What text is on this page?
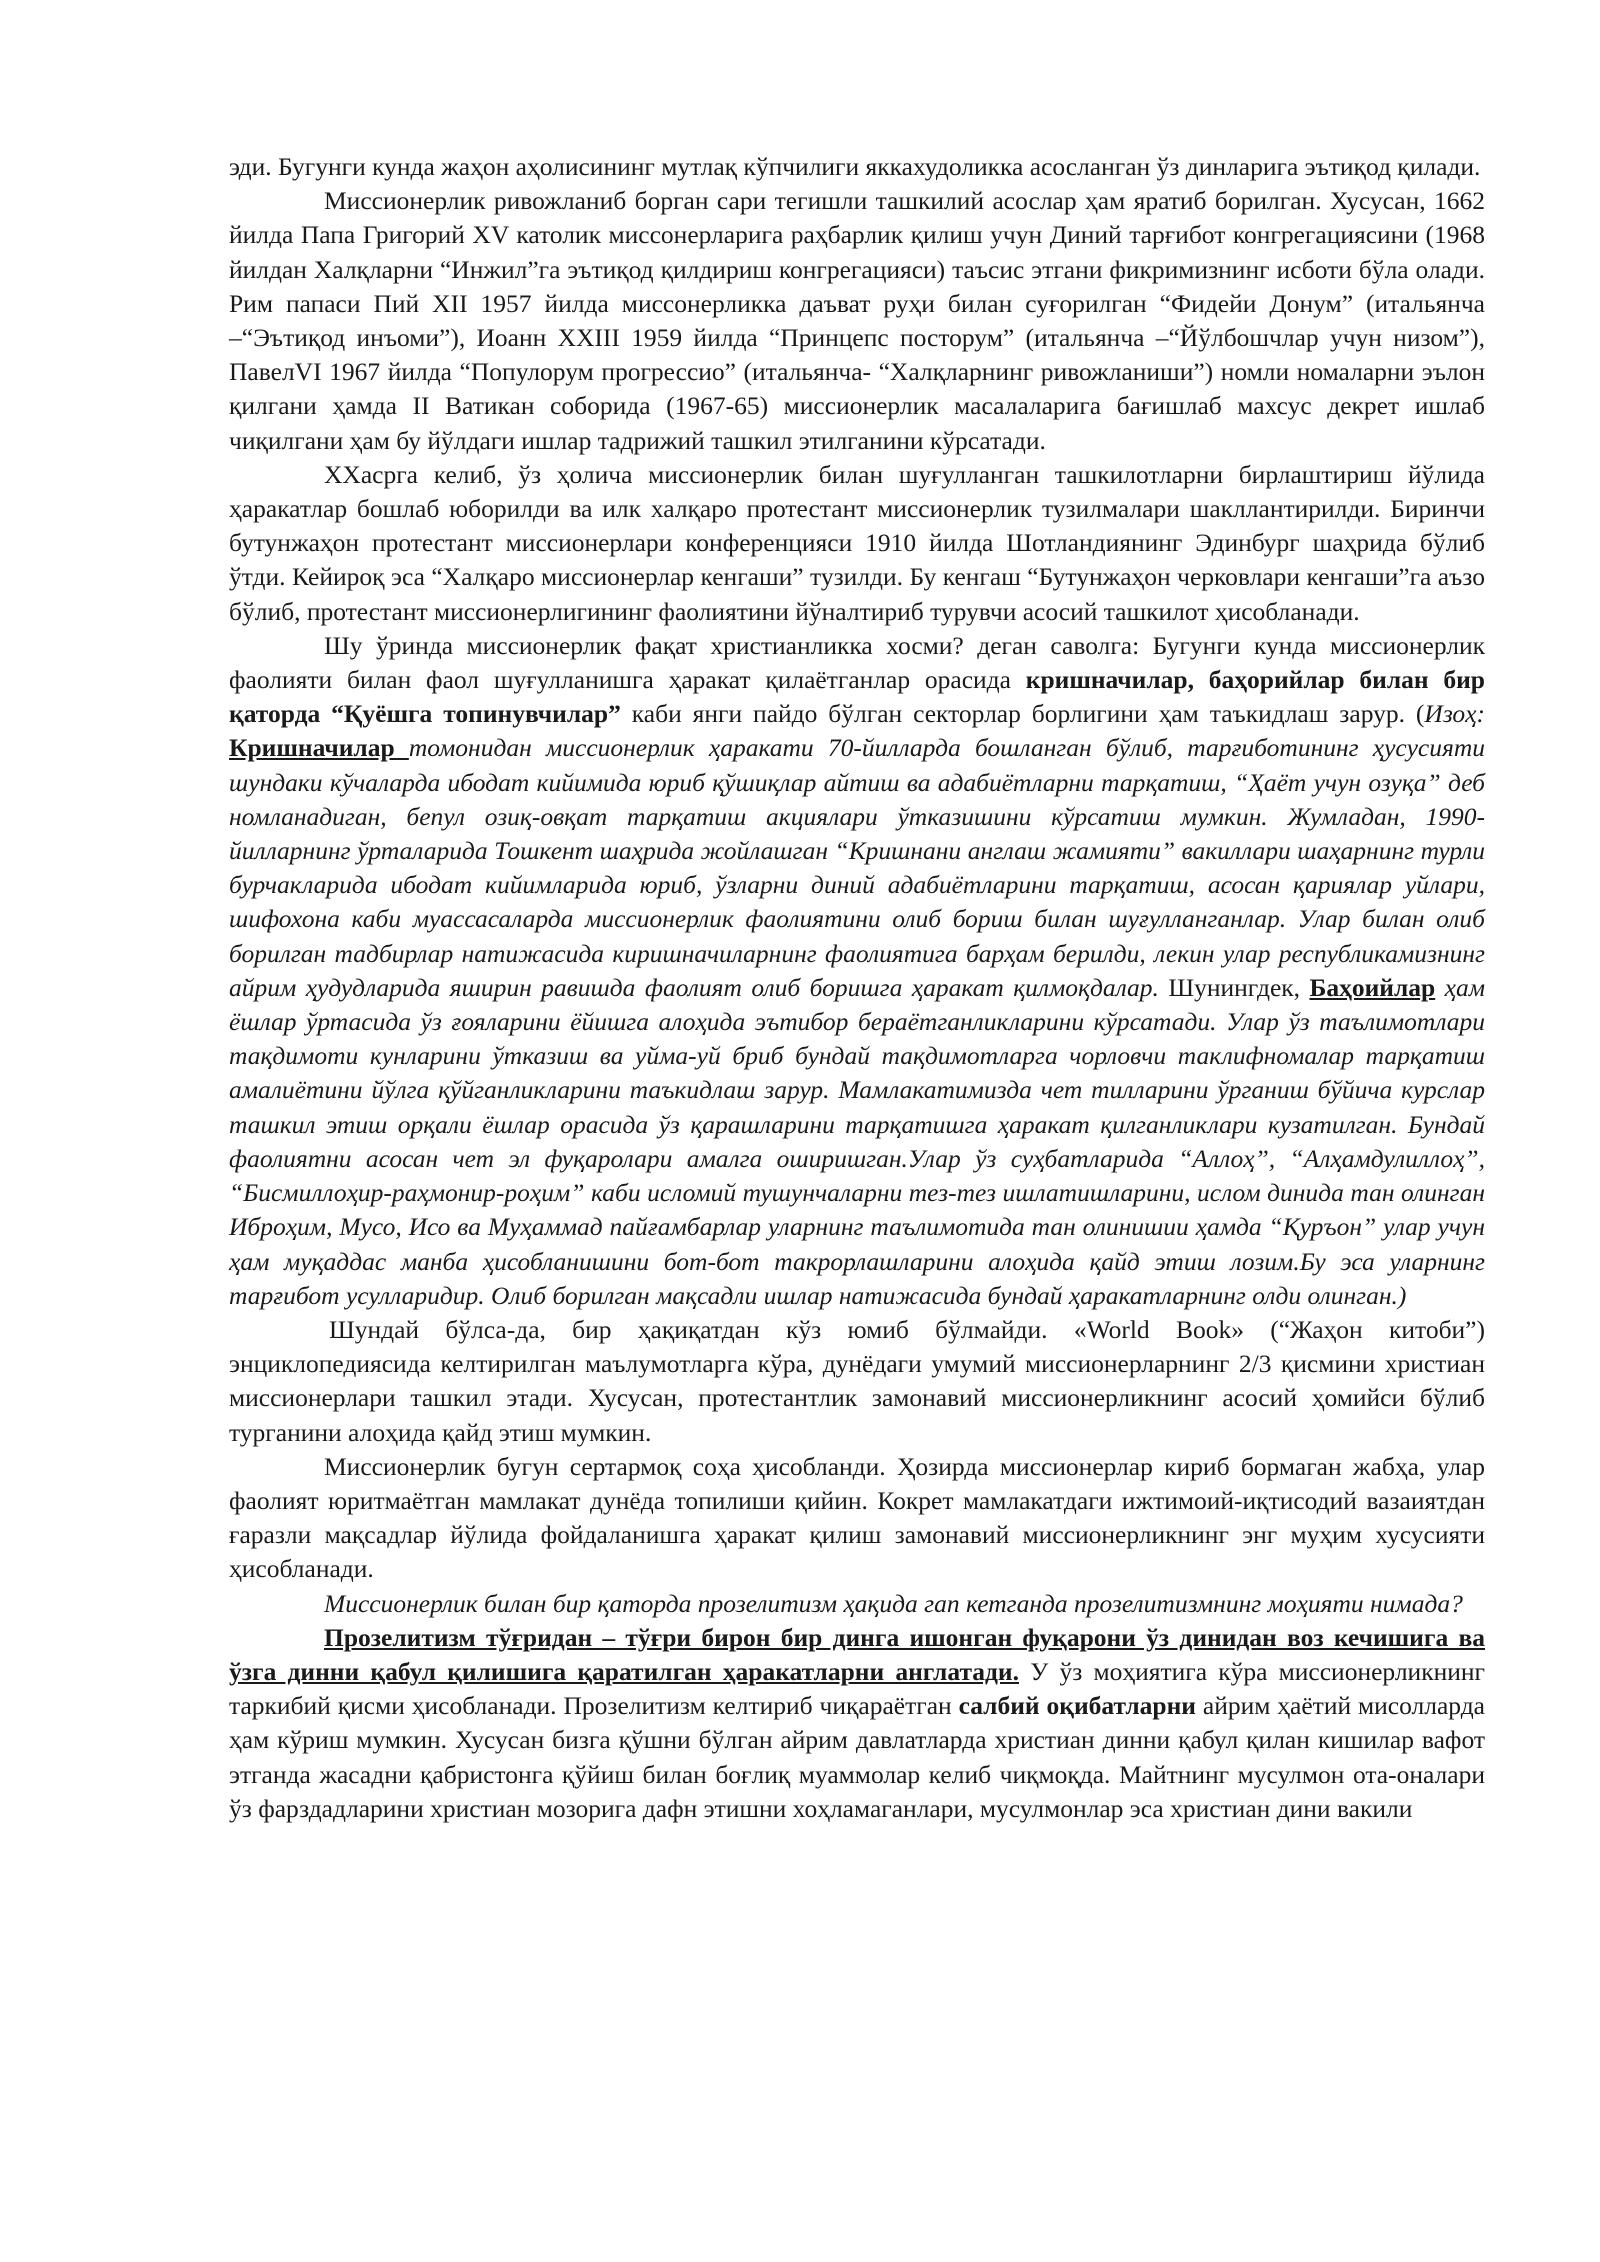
эди. Бугунги кунда жаҳон аҳолисининг мутлақ кўпчилиги яккахудоликка асосланган ўз динларига эътиқод қилади.

Миссионерлик ривожланиб борган сари тегишли ташкилий асослар ҳам яратиб борилган. Хусусан, 1662 йилда Папа Григорий XV католик миссонерларига раҳбарлик қилиш учун Диний тарғибот конгрегациясини (1968 йилдан Халқларни “Инжил”га эътиқод қилдириш конгрегацияси) таъсис этгани фикримизнинг исботи бўла олади. Рим папаси Пий XII 1957 йилда миссонерликка даъват руҳи билан суғорилган “Фидейи Донум” (итальянча –“Эътиқод инъоми”), Иоанн XXIII 1959 йилда “Принцепс посторум” (итальянча –“Йўлбошчлар учун низом”), ПавелVI 1967 йилда “Популорум прогрессио” (итальянча- “Халқларнинг ривожланиши”) номли номаларни эълон қилгани ҳамда II Ватикан соборида (1967-65) миссионерлик масалаларига бағишлаб махсус декрет ишлаб чиқилгани ҳам бу йўлдаги ишлар тадрижий ташкил этилганини кўрсатади.

XXасрга келиб, ўз ҳолича миссионерлик билан шуғулланган ташкилотларни бирлаштириш йўлида ҳаракатлар бошлаб юборилди ва илк халқаро протестант миссионерлик тузилмалари шакллантирилди. Биринчи бутунжаҳон протестант миссионерлари конференцияси 1910 йилда Шотландиянинг Эдинбург шаҳрида бўлиб ўтди. Кейироқ эса “Халқаро миссионерлар кенгаши” тузилди. Бу кенгаш “Бутунжаҳон черковлари кенгаши”га аъзо бўлиб, протестант миссионерлигининг фаолиятини йўналтириб турувчи асосий ташкилот ҳисобланади.

Шу ўринда миссионерлик фақат христианликка хосми? деган саволга: Бугунги кунда миссионерлик фаолияти билан фаол шуғулланишга ҳаракат қилаётганлар орасида кришначилар, баҳорийлар билан бир қаторда “Қуёшга топинувчилар” каби янги пайдо бўлган секторлар борлигини ҳам таъкидлаш зарур. (Изоҳ: Кришначилар томонидан миссионерлик ҳаракати 70-йилларда бошланган бўлиб, тарғиботининг ҳусусияти шундаки кўчаларда ибодат кийимида юриб қўшиқлар айтиш ва адабиётларни тарқатиш, “Ҳаёт учун озуқа” деб номланадиган, бепул озиқ-овқат тарқатиш акциялари ўтказишини кўрсатиш мумкин. Жумладан, 1990-йилларнинг ўрталарида Тошкент шаҳрида жойлашган “Кришнани англаш жамияти” вакиллари шаҳарнинг турли бурчакларида ибодат кийимларида юриб, ўзларни диний адабиётларини тарқатиш, асосан қариялар уйлари, шифохона каби муассасаларда миссионерлик фаолиятини олиб бориш билан шуғулланганлар. Улар билан олиб борилган тадбирлар натижасида киришначиларнинг фаолиятига барҳам берилди, лекин улар республикамизнинг айрим ҳудудларида яширин равишда фаолият олиб боришга ҳаракат қилмоқдалар. Шунингдек, Баҳоийлар ҳам ёшлар ўртасида ўз ғояларини ёйишга алоҳида эътибор бераётганликларини кўрсатади. Улар ўз таълимотлари тақдимоти кунларини ўтказиш ва уйма-уй бриб бундай тақдимотларга чорловчи таклифномалар тарқатиш амалиётини йўлга қўйганликларини таъкидлаш зарур. Мамлакатимизда чет тилларини ўрганиш бўйича курслар ташкил этиш орқали ёшлар орасида ўз қарашларини тарқатишга ҳаракат қилганликлари кузатилган. Бундай фаолиятни асосан чет эл фуқаролари амалга оширишган.Улар ўз суҳбатларида “Аллоҳ”, “Алҳамдулиллоҳ”, “Бисмиллоҳир-раҳмонир-роҳим” каби исломий тушунчаларни тез-тез ишлатишларини, ислом динида тан олинган Иброҳим, Мусо, Исо ва Муҳаммад пайғамбарлар уларнинг таълимотида тан олинишии ҳамда “Қуръон” улар учун ҳам муқаддас манба ҳисобланишини бот-бот такрорлашларини алоҳида қайд этиш лозим.Бу эса уларнинг тарғибот усулларидир. Олиб борилган мақсадли ишлар натижасида бундай ҳаракатларнинг олди олинган.)

Шундай бўлса-да, бир ҳақиқатдан кўз юмиб бўлмайди. «World Book» (“Жаҳон китоби”) энциклопедиясида келтирилган маълумотларга кўра, дунёдаги умумий миссионерларнинг 2/3 қисмини христиан миссионерлари ташкил этади. Хусусан, протестантлик замонавий миссионерликнинг асосий ҳомийси бўлиб турганини алоҳида қайд этиш мумкин.

Миссионерлик бугун сертармоқ соҳа ҳисобланди. Ҳозирда миссионерлар кириб бормаган жабҳа, улар фаолият юритмаётган мамлакат дунёда топилиши қийин. Кокрет мамлакатдаги ижтимоий-иқтисодий вазаиятдан ғаразли мақсадлар йўлида фойдаланишга ҳаракат қилиш замонавий миссионерликнинг энг муҳим хусусияти ҳисобланади.

Миссионерлик билан бир қаторда прозелитизм ҳақида гап кетганда прозелитизмнинг моҳияти нимада?

Прозелитизм тўғридан – тўғри бирон бир динга ишонган фуқарони ўз динидан воз кечишига ва ўзга динни қабул қилишига қаратилган ҳаракатларни англатади. У ўз моҳиятига кўра миссионерликнинг таркибий қисми ҳисобланади. Прозелитизм келтириб чиқараётган салбий оқибатларни айрим ҳаётий мисолларда ҳам кўриш мумкин. Хусусан бизга қўшни бўлган айрим давлатларда христиан динни қабул қилан кишилар вафот этганда жасадни қабристонга қўйиш билан боғлиқ муаммолар келиб чиқмоқда. Майтнинг мусулмон ота-оналари ўз фарздадларини христиан мозорига дафн этишни хоҳламаганлари, мусулмонлар эса христиан дини вакили
